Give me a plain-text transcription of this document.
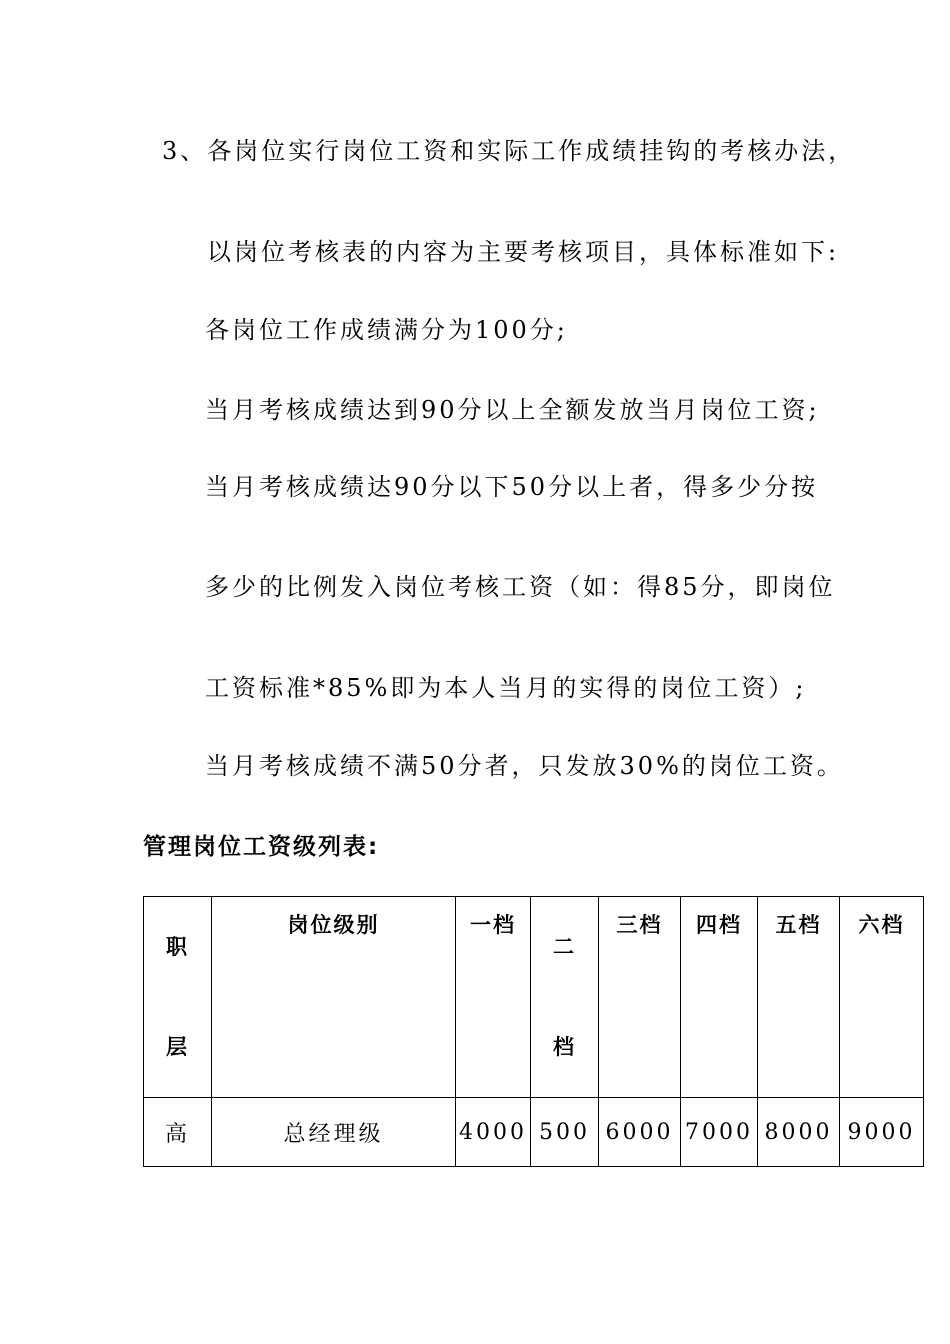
3、各岗位实行岗位工资和实际工作成绩挂钩的考核办法，
以岗位考核表的内容为主要考核项目，具体标准如下:
各岗位工作成绩满分为100分;
当月考核成绩达到90分以上全额发放当月岗位工资;
当月考核成绩达90分以下50分以上者，得多少分按
多少的比例发入岗位考核工资（如：得85分，即岗位
工资标准*85%即为本人当月的实得的岗位工资）;
当月考核成绩不满50分者，只发放30%的岗位工资。
管理岗位工资级列表:
职层	岗位级别	一档	二档	三档	四档	五档	六档

高	总经理级	4000	500	6000	7000	8000	9000
